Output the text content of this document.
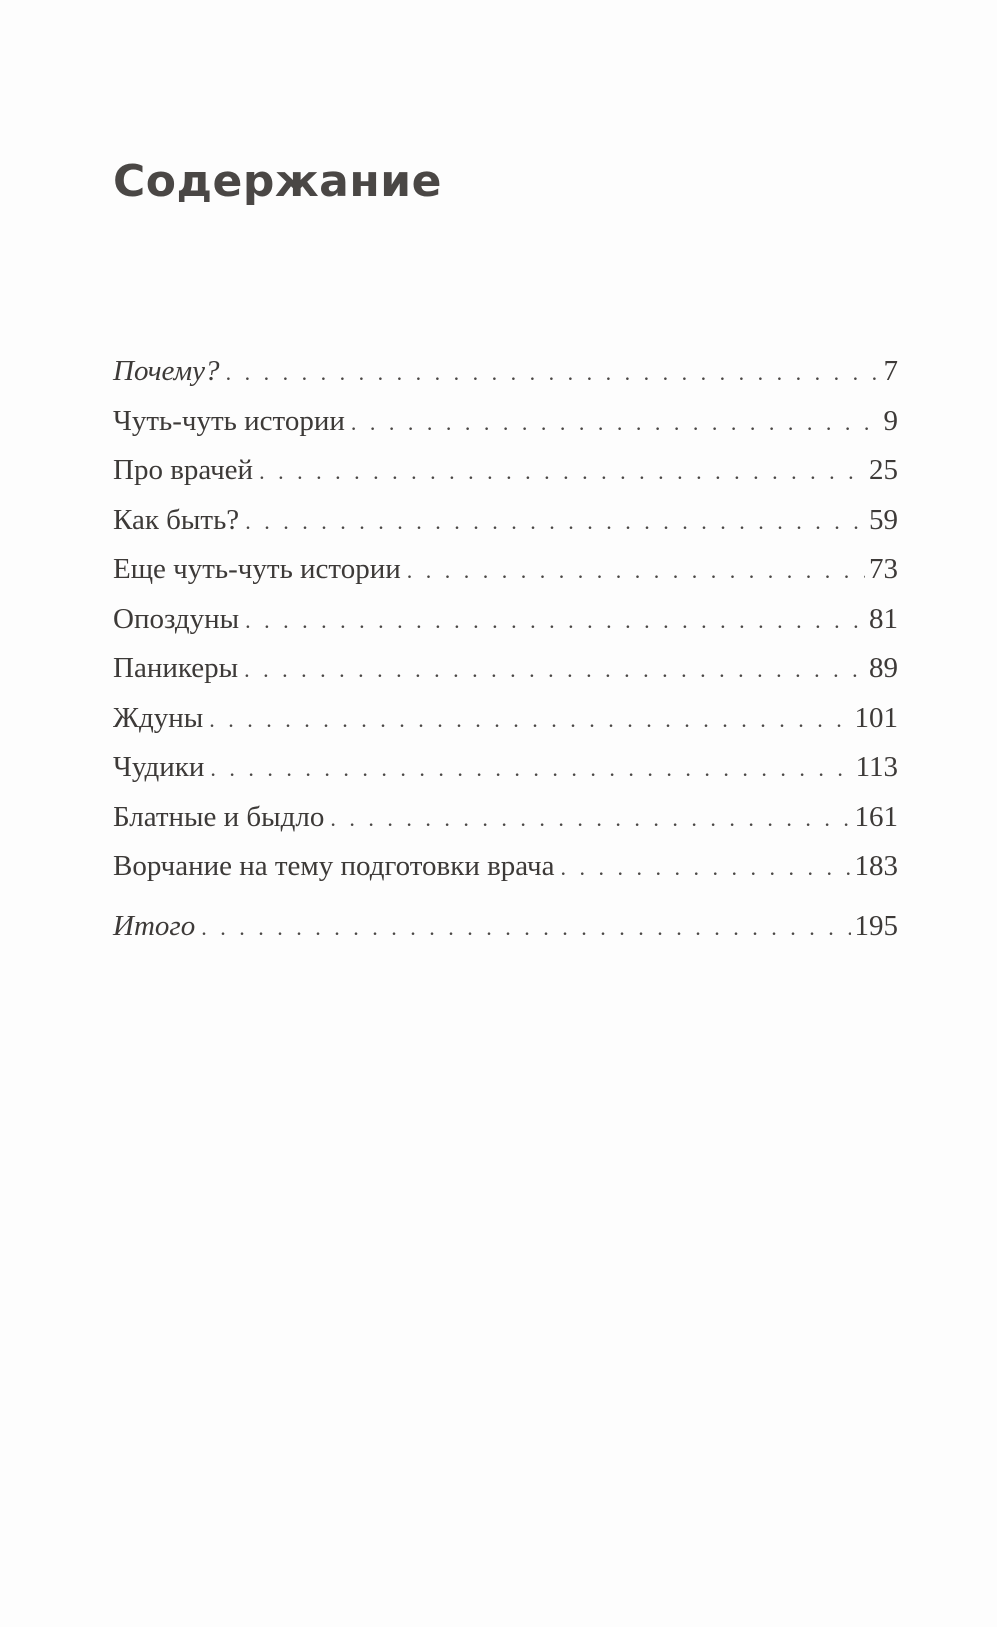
Содержание
Почему? . . .	7
Чуть-чуть истории . . .	9
Про врачей . . .	25
Как быть? . . .	59
Еще чуть-чуть истории . . .	73
Опоздуны . . .	81
Паникеры . . .	89
Ждуны . . .	101
Чудики . . .	113
Блатные и быдло . . .	161
Ворчание на тему подготовки врача . . .	183
Итого . . .	195
